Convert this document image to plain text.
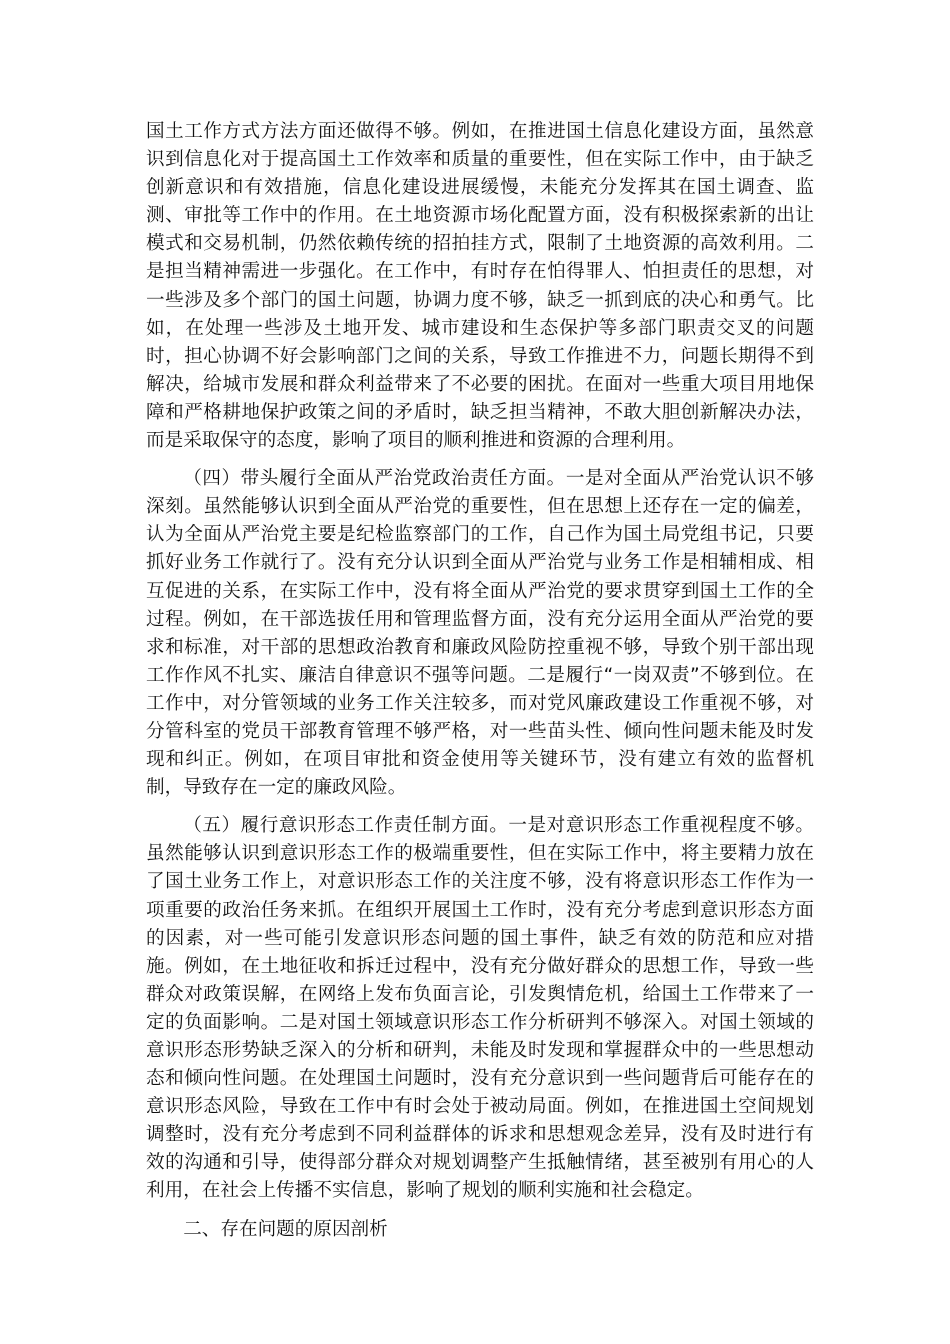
国土工作方式方法方面还做得不够。例如，在推进国土信息化建设方面，虽然意识到信息化对于提高国土工作效率和质量的重要性，但在实际工作中，由于缺乏创新意识和有效措施，信息化建设进展缓慢，未能充分发挥其在国土调查、监测、审批等工作中的作用。在土地资源市场化配置方面，没有积极探索新的出让模式和交易机制，仍然依赖传统的招拍挂方式，限制了土地资源的高效利用。二是担当精神需进一步强化。在工作中，有时存在怕得罪人、怕担责任的思想，对一些涉及多个部门的国土问题，协调力度不够，缺乏一抓到底的决心和勇气。比如，在处理一些涉及土地开发、城市建设和生态保护等多部门职责交叉的问题时，担心协调不好会影响部门之间的关系，导致工作推进不力，问题长期得不到解决，给城市发展和群众利益带来了不必要的困扰。在面对一些重大项目用地保障和严格耕地保护政策之间的矛盾时，缺乏担当精神，不敢大胆创新解决办法，而是采取保守的态度，影响了项目的顺利推进和资源的合理利用。

（四）带头履行全面从严治党政治责任方面。一是对全面从严治党认识不够深刻。虽然能够认识到全面从严治党的重要性，但在思想上还存在一定的偏差，认为全面从严治党主要是纪检监察部门的工作，自己作为国土局党组书记，只要抓好业务工作就行了。没有充分认识到全面从严治党与业务工作是相辅相成、相互促进的关系，在实际工作中，没有将全面从严治党的要求贯穿到国土工作的全过程。例如，在干部选拔任用和管理监督方面，没有充分运用全面从严治党的要求和标准，对干部的思想政治教育和廉政风险防控重视不够，导致个别干部出现工作作风不扎实、廉洁自律意识不强等问题。二是履行“一岗双责”不够到位。在工作中，对分管领域的业务工作关注较多，而对党风廉政建设工作重视不够，对分管科室的党员干部教育管理不够严格，对一些苗头性、倾向性问题未能及时发现和纠正。例如，在项目审批和资金使用等关键环节，没有建立有效的监督机制，导致存在一定的廉政风险。

（五）履行意识形态工作责任制方面。一是对意识形态工作重视程度不够。虽然能够认识到意识形态工作的极端重要性，但在实际工作中，将主要精力放在了国土业务工作上，对意识形态工作的关注度不够，没有将意识形态工作作为一项重要的政治任务来抓。在组织开展国土工作时，没有充分考虑到意识形态方面的因素，对一些可能引发意识形态问题的国土事件，缺乏有效的防范和应对措施。例如，在土地征收和拆迁过程中，没有充分做好群众的思想工作，导致一些群众对政策误解，在网络上发布负面言论，引发舆情危机，给国土工作带来了一定的负面影响。二是对国土领域意识形态工作分析研判不够深入。对国土领域的意识形态形势缺乏深入的分析和研判，未能及时发现和掌握群众中的一些思想动态和倾向性问题。在处理国土问题时，没有充分意识到一些问题背后可能存在的意识形态风险，导致在工作中有时会处于被动局面。例如，在推进国土空间规划调整时，没有充分考虑到不同利益群体的诉求和思想观念差异，没有及时进行有效的沟通和引导，使得部分群众对规划调整产生抵触情绪，甚至被别有用心的人利用，在社会上传播不实信息，影响了规划的顺利实施和社会稳定。

二、存在问题的原因剖析
